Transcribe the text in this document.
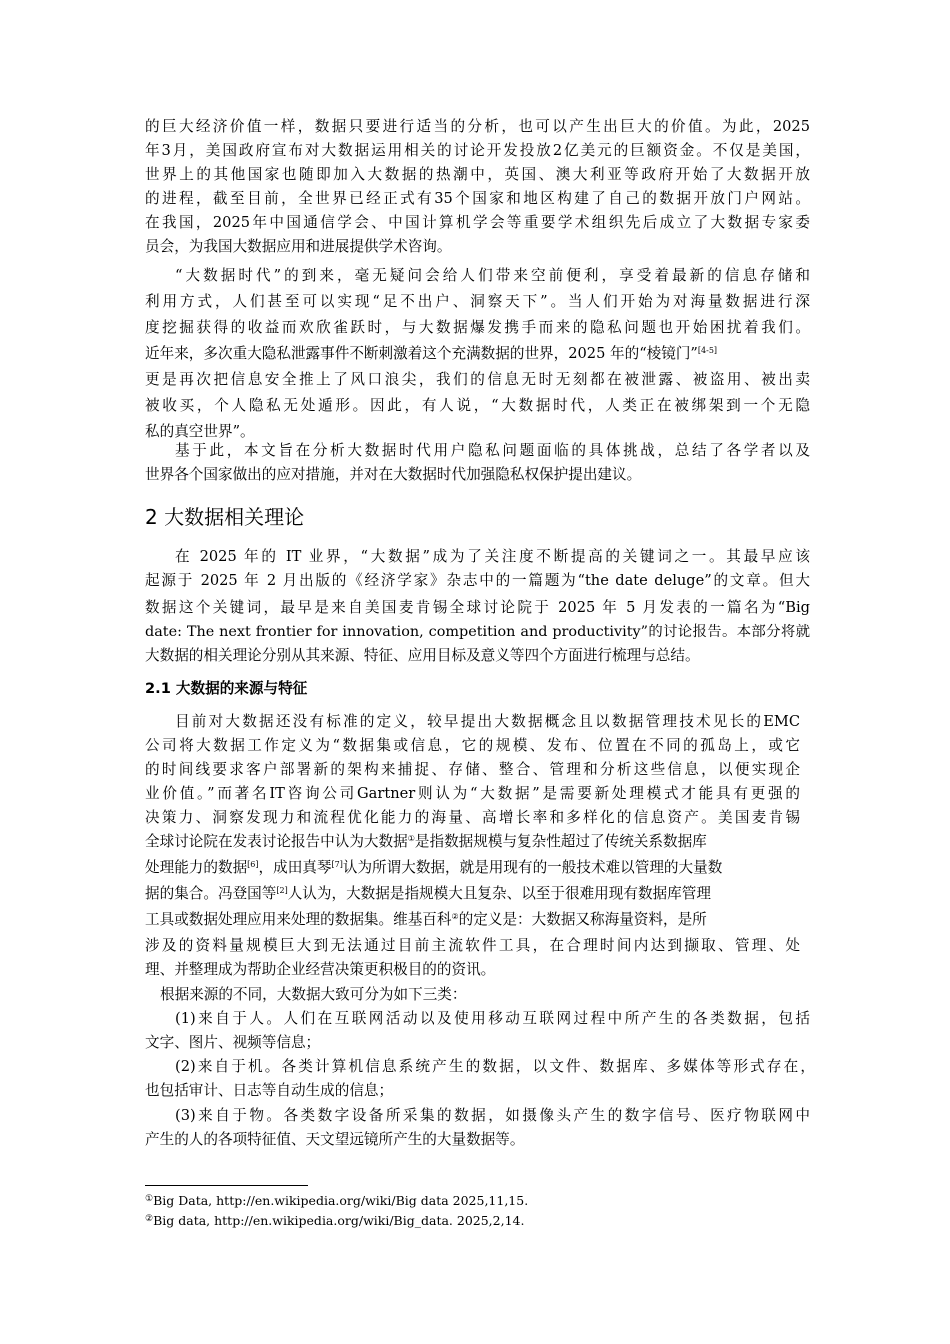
的巨大经济价值一样，数据只要进行适当的分析，也可以产生出巨大的价值。为此，2025
年3月，美国政府宣布对大数据运用相关的讨论开发投放2亿美元的巨额资金。不仅是美国，
世界上的其他国家也随即加入大数据的热潮中，英国、澳大利亚等政府开始了大数据开放
的进程，截至目前，全世界已经正式有35个国家和地区构建了自己的数据开放门户网站。
在我国，2025年中国通信学会、中国计算机学会等重要学术组织先后成立了大数据专家委
员会，为我国大数据应用和进展提供学术咨询。
“大数据时代”的到来，毫无疑问会给人们带来空前便利，享受着最新的信息存储和
利用方式，人们甚至可以实现“足不出户、洞察天下”。当人们开始为对海量数据进行深
度挖掘获得的收益而欢欣雀跃时，与大数据爆发携手而来的隐私问题也开始困扰着我们。
近年来，多次重大隐私泄露事件不断刺激着这个充满数据的世界，2025 年的“棱镜门”[4-5]
更是再次把信息安全推上了风口浪尖，我们的信息无时无刻都在被泄露、被盗用、被出卖
被收买，个人隐私无处遁形。因此，有人说，“大数据时代，人类正在被绑架到一个无隐
私的真空世界”。
基于此，本文旨在分析大数据时代用户隐私问题面临的具体挑战，总结了各学者以及
世界各个国家做出的应对措施，并对在大数据时代加强隐私权保护提出建议。
2 大数据相关理论
在 2025 年的 IT 业界，“大数据”成为了关注度不断提高的关键词之一。其最早应该
起源于 2025 年 2 月出版的《经济学家》杂志中的一篇题为“the date deluge”的文章。但大
数据这个关键词，最早是来自美国麦肯锡全球讨论院于 2025 年 5 月发表的一篇名为“Big
date: The next frontier for innovation, competition and productivity”的讨论报告。本部分将就
大数据的相关理论分别从其来源、特征、应用目标及意义等四个方面进行梳理与总结。
2.1 大数据的来源与特征
目前对大数据还没有标准的定义，较早提出大数据概念且以数据管理技术见长的EMC
公司将大数据工作定义为“数据集或信息，它的规模、发布、位置在不同的孤岛上，或它
的时间线要求客户部署新的架构来捕捉、存储、整合、管理和分析这些信息，以便实现企
业价值。”而著名IT咨询公司Gartner则认为“大数据”是需要新处理模式才能具有更强的
决策力、洞察发现力和流程优化能力的海量、高增长率和多样化的信息资产。美国麦肯锡
全球讨论院在发表讨论报告中认为大数据①是指数据规模与复杂性超过了传统关系数据库
处理能力的数据[6]，成田真琴[7]认为所谓大数据，就是用现有的一般技术难以管理的大量数
据的集合。冯登国等[2]人认为，大数据是指规模大且复杂、以至于很难用现有数据库管理
工具或数据处理应用来处理的数据集。维基百科②的定义是：大数据又称海量资料，是所
涉及的资料量规模巨大到无法通过目前主流软件工具，在合理时间内达到撷取、管理、处
理、并整理成为帮助企业经营决策更积极目的的资讯。
根据来源的不同，大数据大致可分为如下三类：
(1)来自于人。人们在互联网活动以及使用移动互联网过程中所产生的各类数据，包括
文字、图片、视频等信息；
(2)来自于机。各类计算机信息系统产生的数据，以文件、数据库、多媒体等形式存在，
也包括审计、日志等自动生成的信息；
(3)来自于物。各类数字设备所采集的数据，如摄像头产生的数字信号、医疗物联网中
产生的人的各项特征值、天文望远镜所产生的大量数据等。
①Big Data, http://en.wikipedia.org/wiki/Big data 2025,11,15.
②Big data, http://en.wikipedia.org/wiki/Big_data. 2025,2,14.
